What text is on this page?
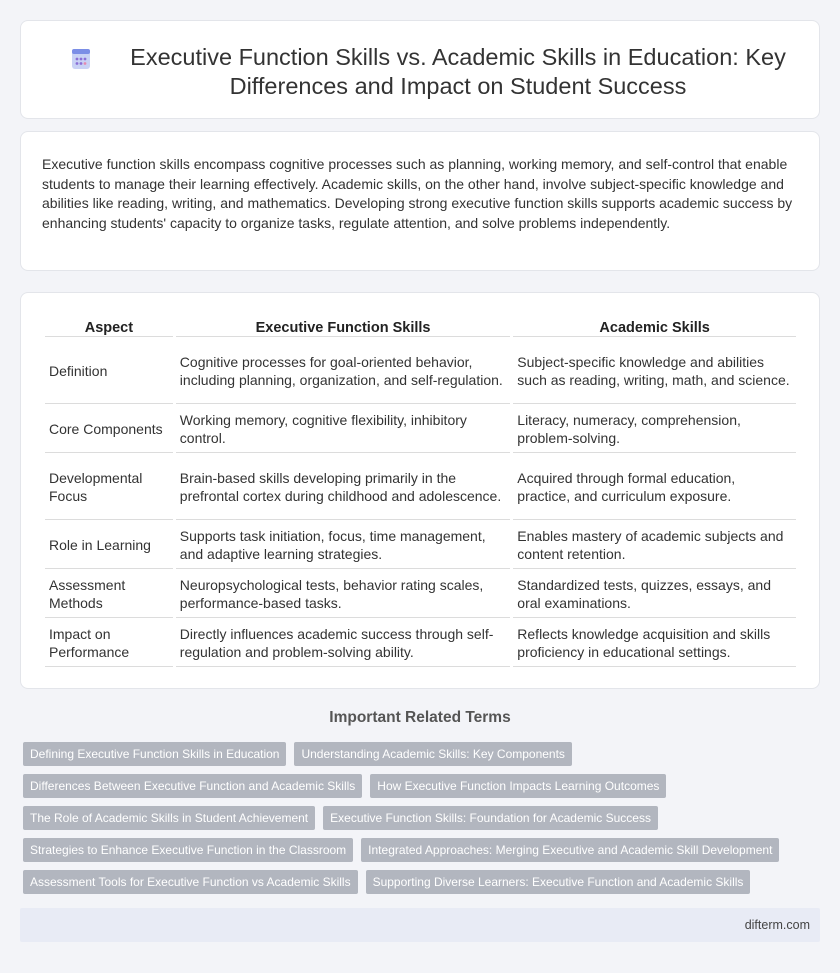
Executive Function Skills vs. Academic Skills in Education: Key Differences and Impact on Student Success

Executive function skills encompass cognitive processes such as planning, working memory, and self-control that enable students to manage their learning effectively. Academic skills, on the other hand, involve subject-specific knowledge and abilities like reading, writing, and mathematics. Developing strong executive function skills supports academic success by enhancing students' capacity to organize tasks, regulate attention, and solve problems independently.

Aspect	Executive Function Skills	Academic Skills
Definition	Cognitive processes for goal-oriented behavior, including planning, organization, and self-regulation.	Subject-specific knowledge and abilities such as reading, writing, math, and science.
Core Components	Working memory, cognitive flexibility, inhibitory control.	Literacy, numeracy, comprehension, problem-solving.
Developmental Focus	Brain-based skills developing primarily in the prefrontal cortex during childhood and adolescence.	Acquired through formal education, practice, and curriculum exposure.
Role in Learning	Supports task initiation, focus, time management, and adaptive learning strategies.	Enables mastery of academic subjects and content retention.
Assessment Methods	Neuropsychological tests, behavior rating scales, performance-based tasks.	Standardized tests, quizzes, essays, and oral examinations.
Impact on Performance	Directly influences academic success through self-regulation and problem-solving ability.	Reflects knowledge acquisition and skills proficiency in educational settings.
Important Related Terms
Defining Executive Function Skills in Education	Understanding Academic Skills: Key Components
Differences Between Executive Function and Academic Skills	How Executive Function Impacts Learning Outcomes
The Role of Academic Skills in Student Achievement	Executive Function Skills: Foundation for Academic Success
Strategies to Enhance Executive Function in the Classroom	Integrated Approaches: Merging Executive and Academic Skill Development
Assessment Tools for Executive Function vs Academic Skills	Supporting Diverse Learners: Executive Function and Academic Skills
difterm.com
